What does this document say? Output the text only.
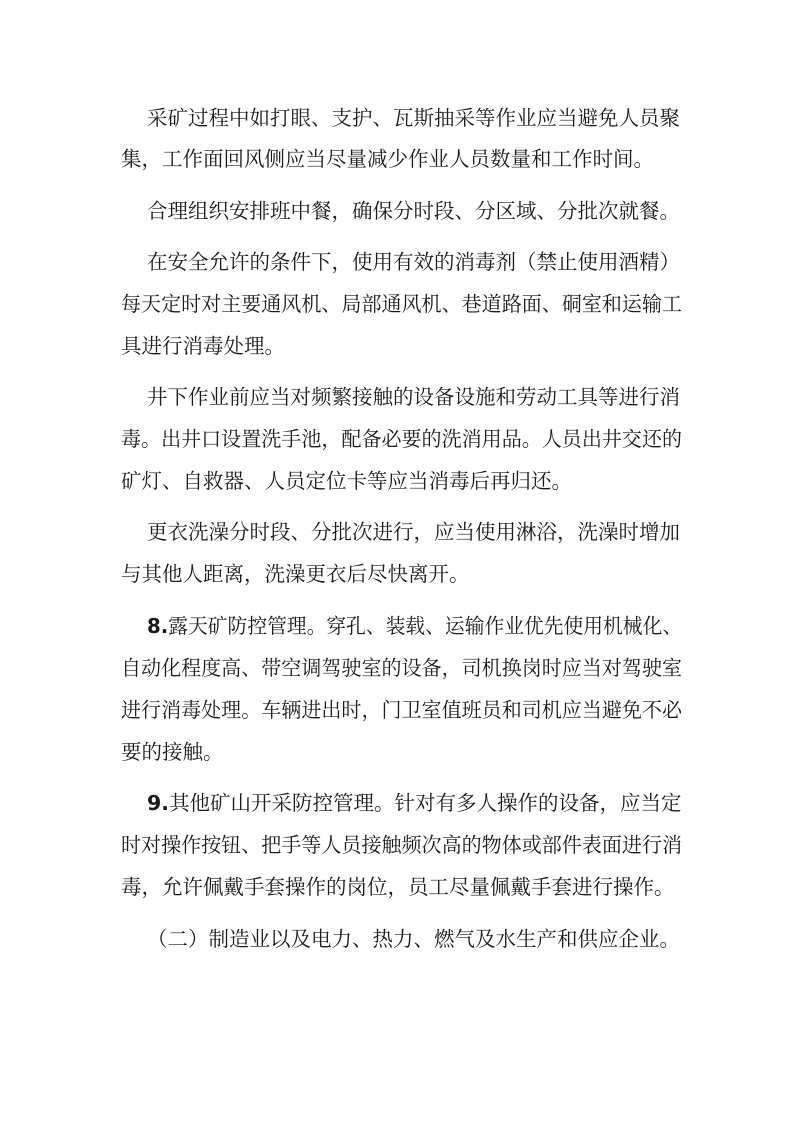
采矿过程中如打眼、支护、瓦斯抽采等作业应当避免人员聚
集，工作面回风侧应当尽量减少作业人员数量和工作时间。
合理组织安排班中餐，确保分时段、分区域、分批次就餐。
在安全允许的条件下，使用有效的消毒剂（禁止使用酒精）
每天定时对主要通风机、局部通风机、巷道路面、硐室和运输工
具进行消毒处理。
井下作业前应当对频繁接触的设备设施和劳动工具等进行消
毒。出井口设置洗手池，配备必要的洗消用品。人员出井交还的
矿灯、自救器、人员定位卡等应当消毒后再归还。
更衣洗澡分时段、分批次进行，应当使用淋浴，洗澡时增加
与其他人距离，洗澡更衣后尽快离开。
8.露天矿防控管理。穿孔、装载、运输作业优先使用机械化、
自动化程度高、带空调驾驶室的设备，司机换岗时应当对驾驶室
进行消毒处理。车辆进出时，门卫室值班员和司机应当避免不必
要的接触。
9.其他矿山开采防控管理。针对有多人操作的设备，应当定
时对操作按钮、把手等人员接触频次高的物体或部件表面进行消
毒，允许佩戴手套操作的岗位，员工尽量佩戴手套进行操作。
（二）制造业以及电力、热力、燃气及水生产和供应企业。
